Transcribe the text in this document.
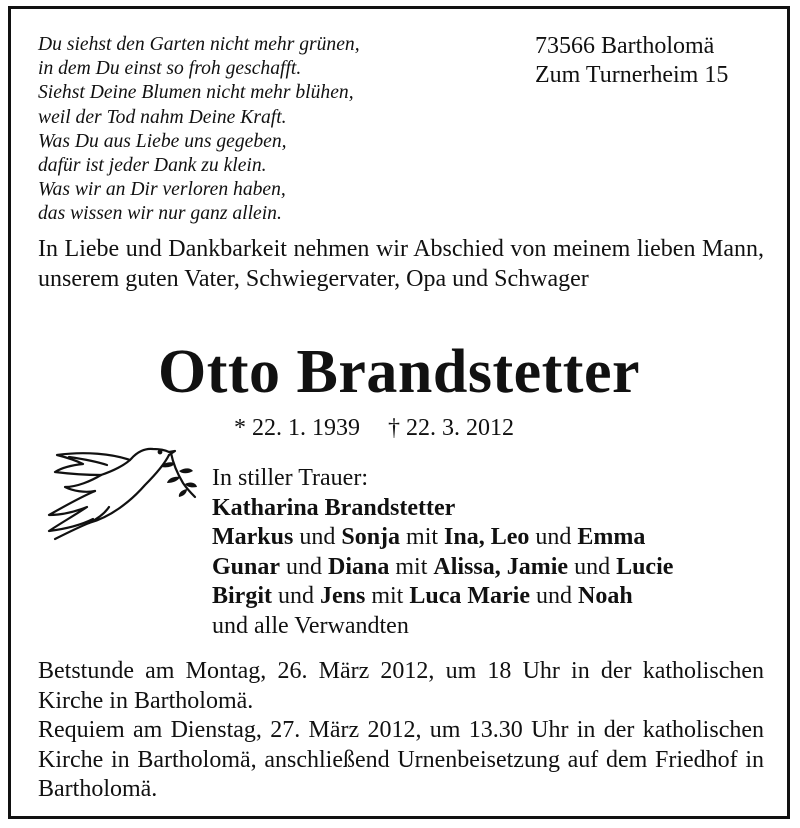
Du siehst den Garten nicht mehr grünen,
in dem Du einst so froh geschafft.
Siehst Deine Blumen nicht mehr blühen,
weil der Tod nahm Deine Kraft.
Was Du aus Liebe uns gegeben,
dafür ist jeder Dank zu klein.
Was wir an Dir verloren haben,
das wissen wir nur ganz allein.
73566 Bartholomä
Zum Turnerheim 15
In Liebe und Dankbarkeit nehmen wir Abschied von meinem lieben Mann, unserem guten Vater, Schwiegervater, Opa und Schwager
Otto Brandstetter
* 22. 1. 1939 † 22. 3. 2012
In stiller Trauer:
Katharina Brandstetter
Markus und Sonja mit Ina, Leo und Emma
Gunar und Diana mit Alissa, Jamie und Lucie
Birgit und Jens mit Luca Marie und Noah
und alle Verwandten

Betstunde am Montag, 26. März 2012, um 18 Uhr in der katholischen Kirche in Bartholomä.

Requiem am Dienstag, 27. März 2012, um 13.30 Uhr in der katholischen Kirche in Bartholomä, anschließend Urnenbeisetzung auf dem Friedhof in Bartholomä.
